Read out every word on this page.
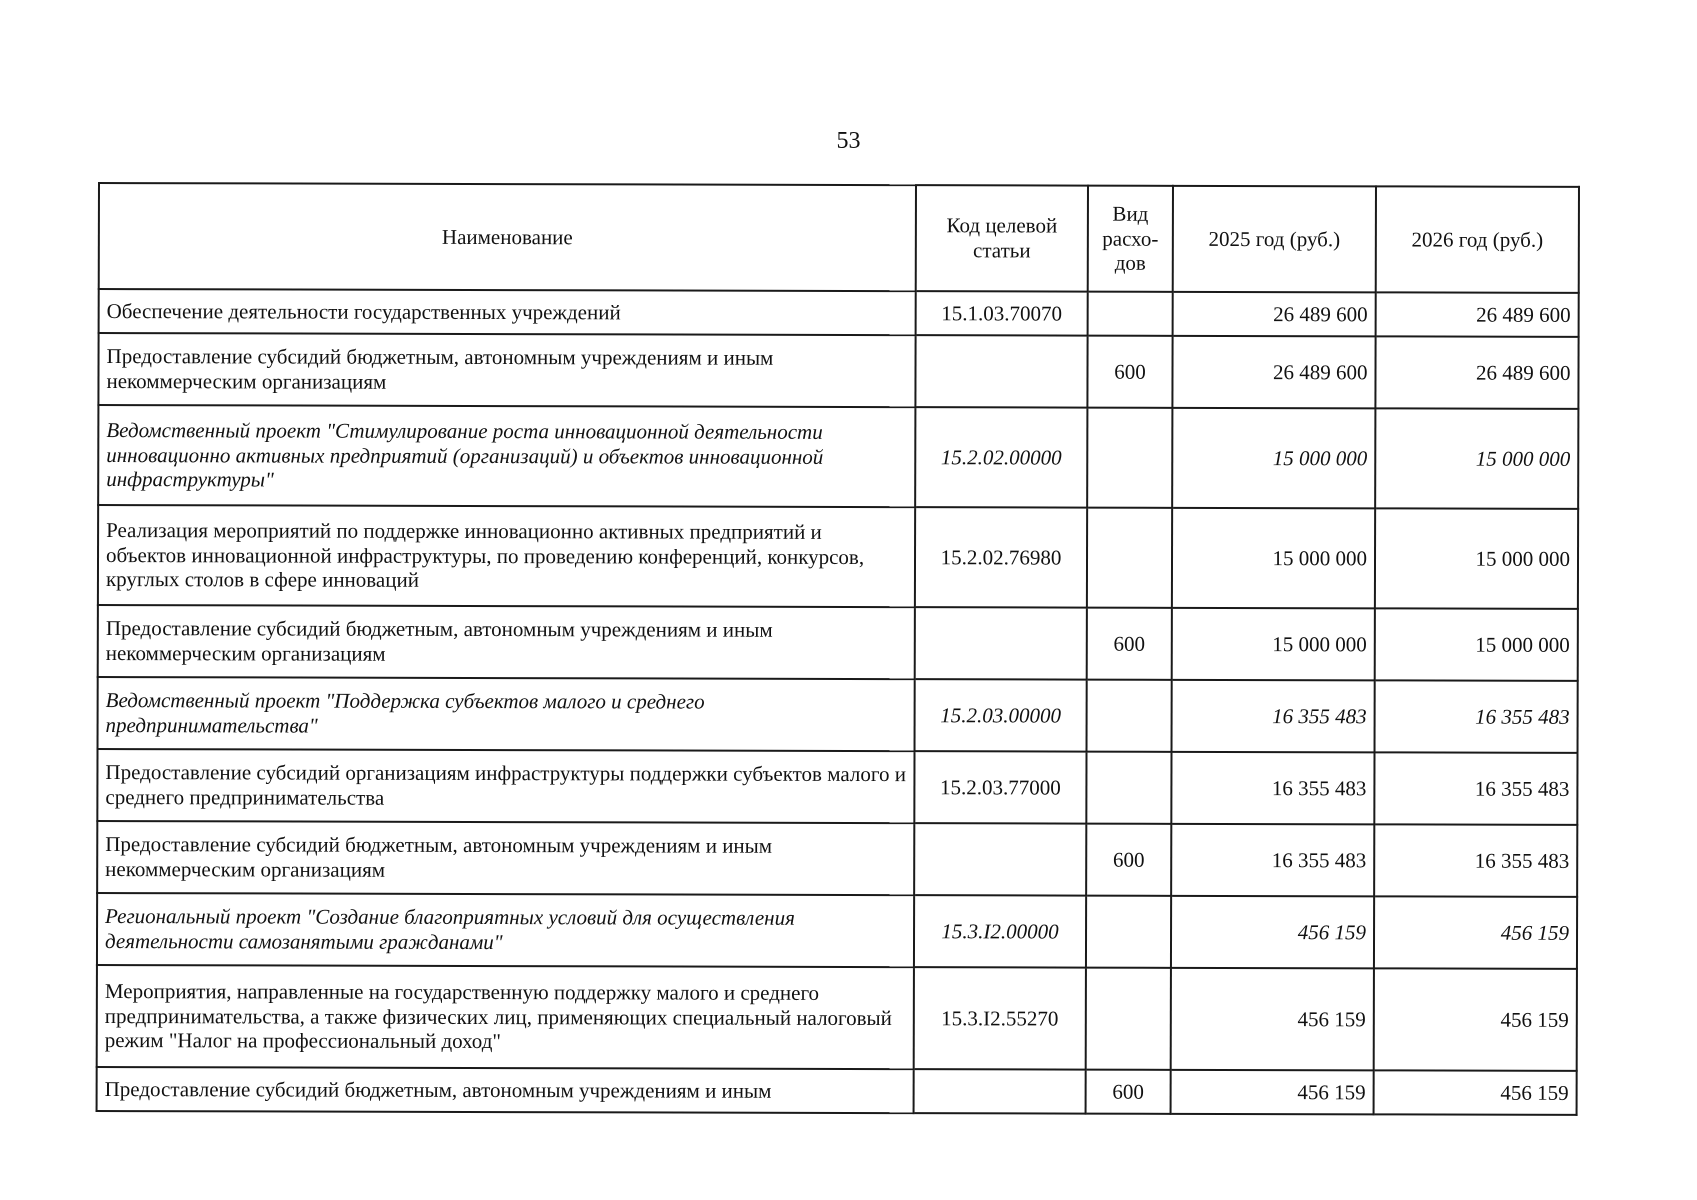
53
Наименование	Код целевой статьи	Вид расхо-дов	2025 год (руб.)	2026 год (руб.)
Обеспечение деятельности государственных учреждений	15.1.03.70070		26 489 600	26 489 600
Предоставление субсидий бюджетным, автономным учреждениям и иным некоммерческим организациям		600	26 489 600	26 489 600
Ведомственный проект "Стимулирование роста инновационной деятельности инновационно активных предприятий (организаций) и объектов инновационной инфраструктуры"	15.2.02.00000		15 000 000	15 000 000
Реализация мероприятий по поддержке инновационно активных предприятий и объектов инновационной инфраструктуры, по проведению конференций, конкурсов, круглых столов в сфере инноваций	15.2.02.76980		15 000 000	15 000 000
Предоставление субсидий бюджетным, автономным учреждениям и иным некоммерческим организациям		600	15 000 000	15 000 000
Ведомственный проект "Поддержка субъектов малого и среднего предпринимательства"	15.2.03.00000		16 355 483	16 355 483
Предоставление субсидий организациям инфраструктуры поддержки субъектов малого и среднего предпринимательства	15.2.03.77000		16 355 483	16 355 483
Предоставление субсидий бюджетным, автономным учреждениям и иным некоммерческим организациям		600	16 355 483	16 355 483
Региональный проект "Создание благоприятных условий для осуществления деятельности самозанятыми гражданами"	15.3.I2.00000		456 159	456 159
Мероприятия, направленные на государственную поддержку малого и среднего предпринимательства, а также физических лиц, применяющих специальный налоговый режим "Налог на профессиональный доход"	15.3.I2.55270		456 159	456 159
Предоставление субсидий бюджетным, автономным учреждениям и иным		600	456 159	456 159
